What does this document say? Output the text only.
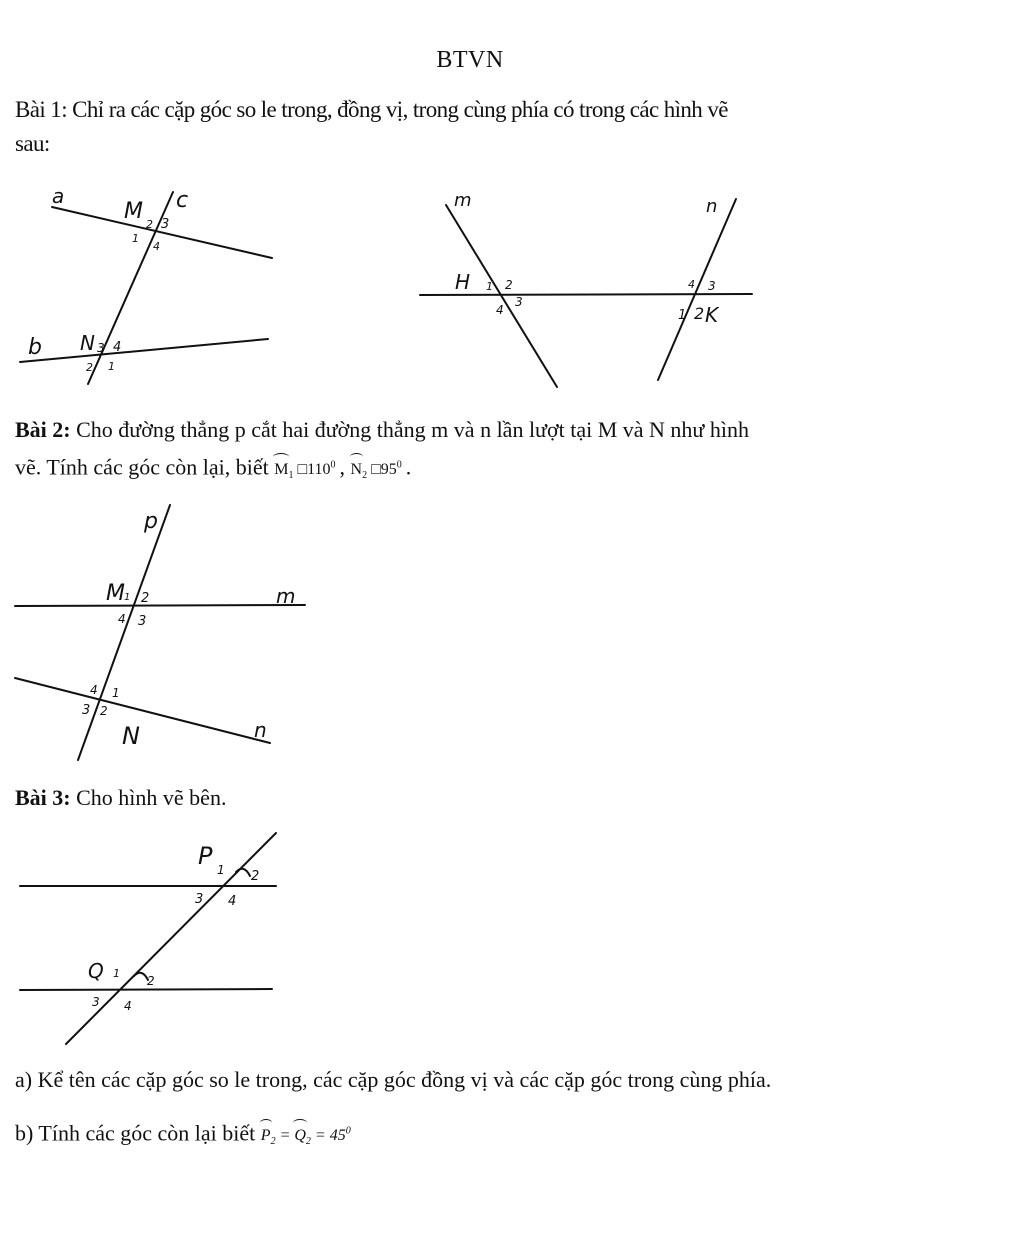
BTVN
Bài 1: Chỉ ra các cặp góc so le trong, đồng vị, trong cùng phía có trong các hình vẽ
sau:
Bài 2: Cho đường thẳng p cắt hai đường thẳng m và n lần lượt tại M và N như hình
vẽ. Tính các góc còn lại, biết $M_1$ $□110^0$ , $N_2$ $□95^0$ .
Bài 3: Cho hình vẽ bên.
a) Kể tên các cặp góc so le trong, các cặp góc đồng vị và các cặp góc trong cùng phía.
b) Tính các góc còn lại biết $P_2 = Q_2 = 45^0$
a	c
M
1
2 3
4
b N
1
2
3 4
m	n
H 1 2
3
4	1 2
3
4
K
p
m
n
M 1 2
3
4
1
2
3
4
N
P 1 2
3 4
Q 1
2
3 4
